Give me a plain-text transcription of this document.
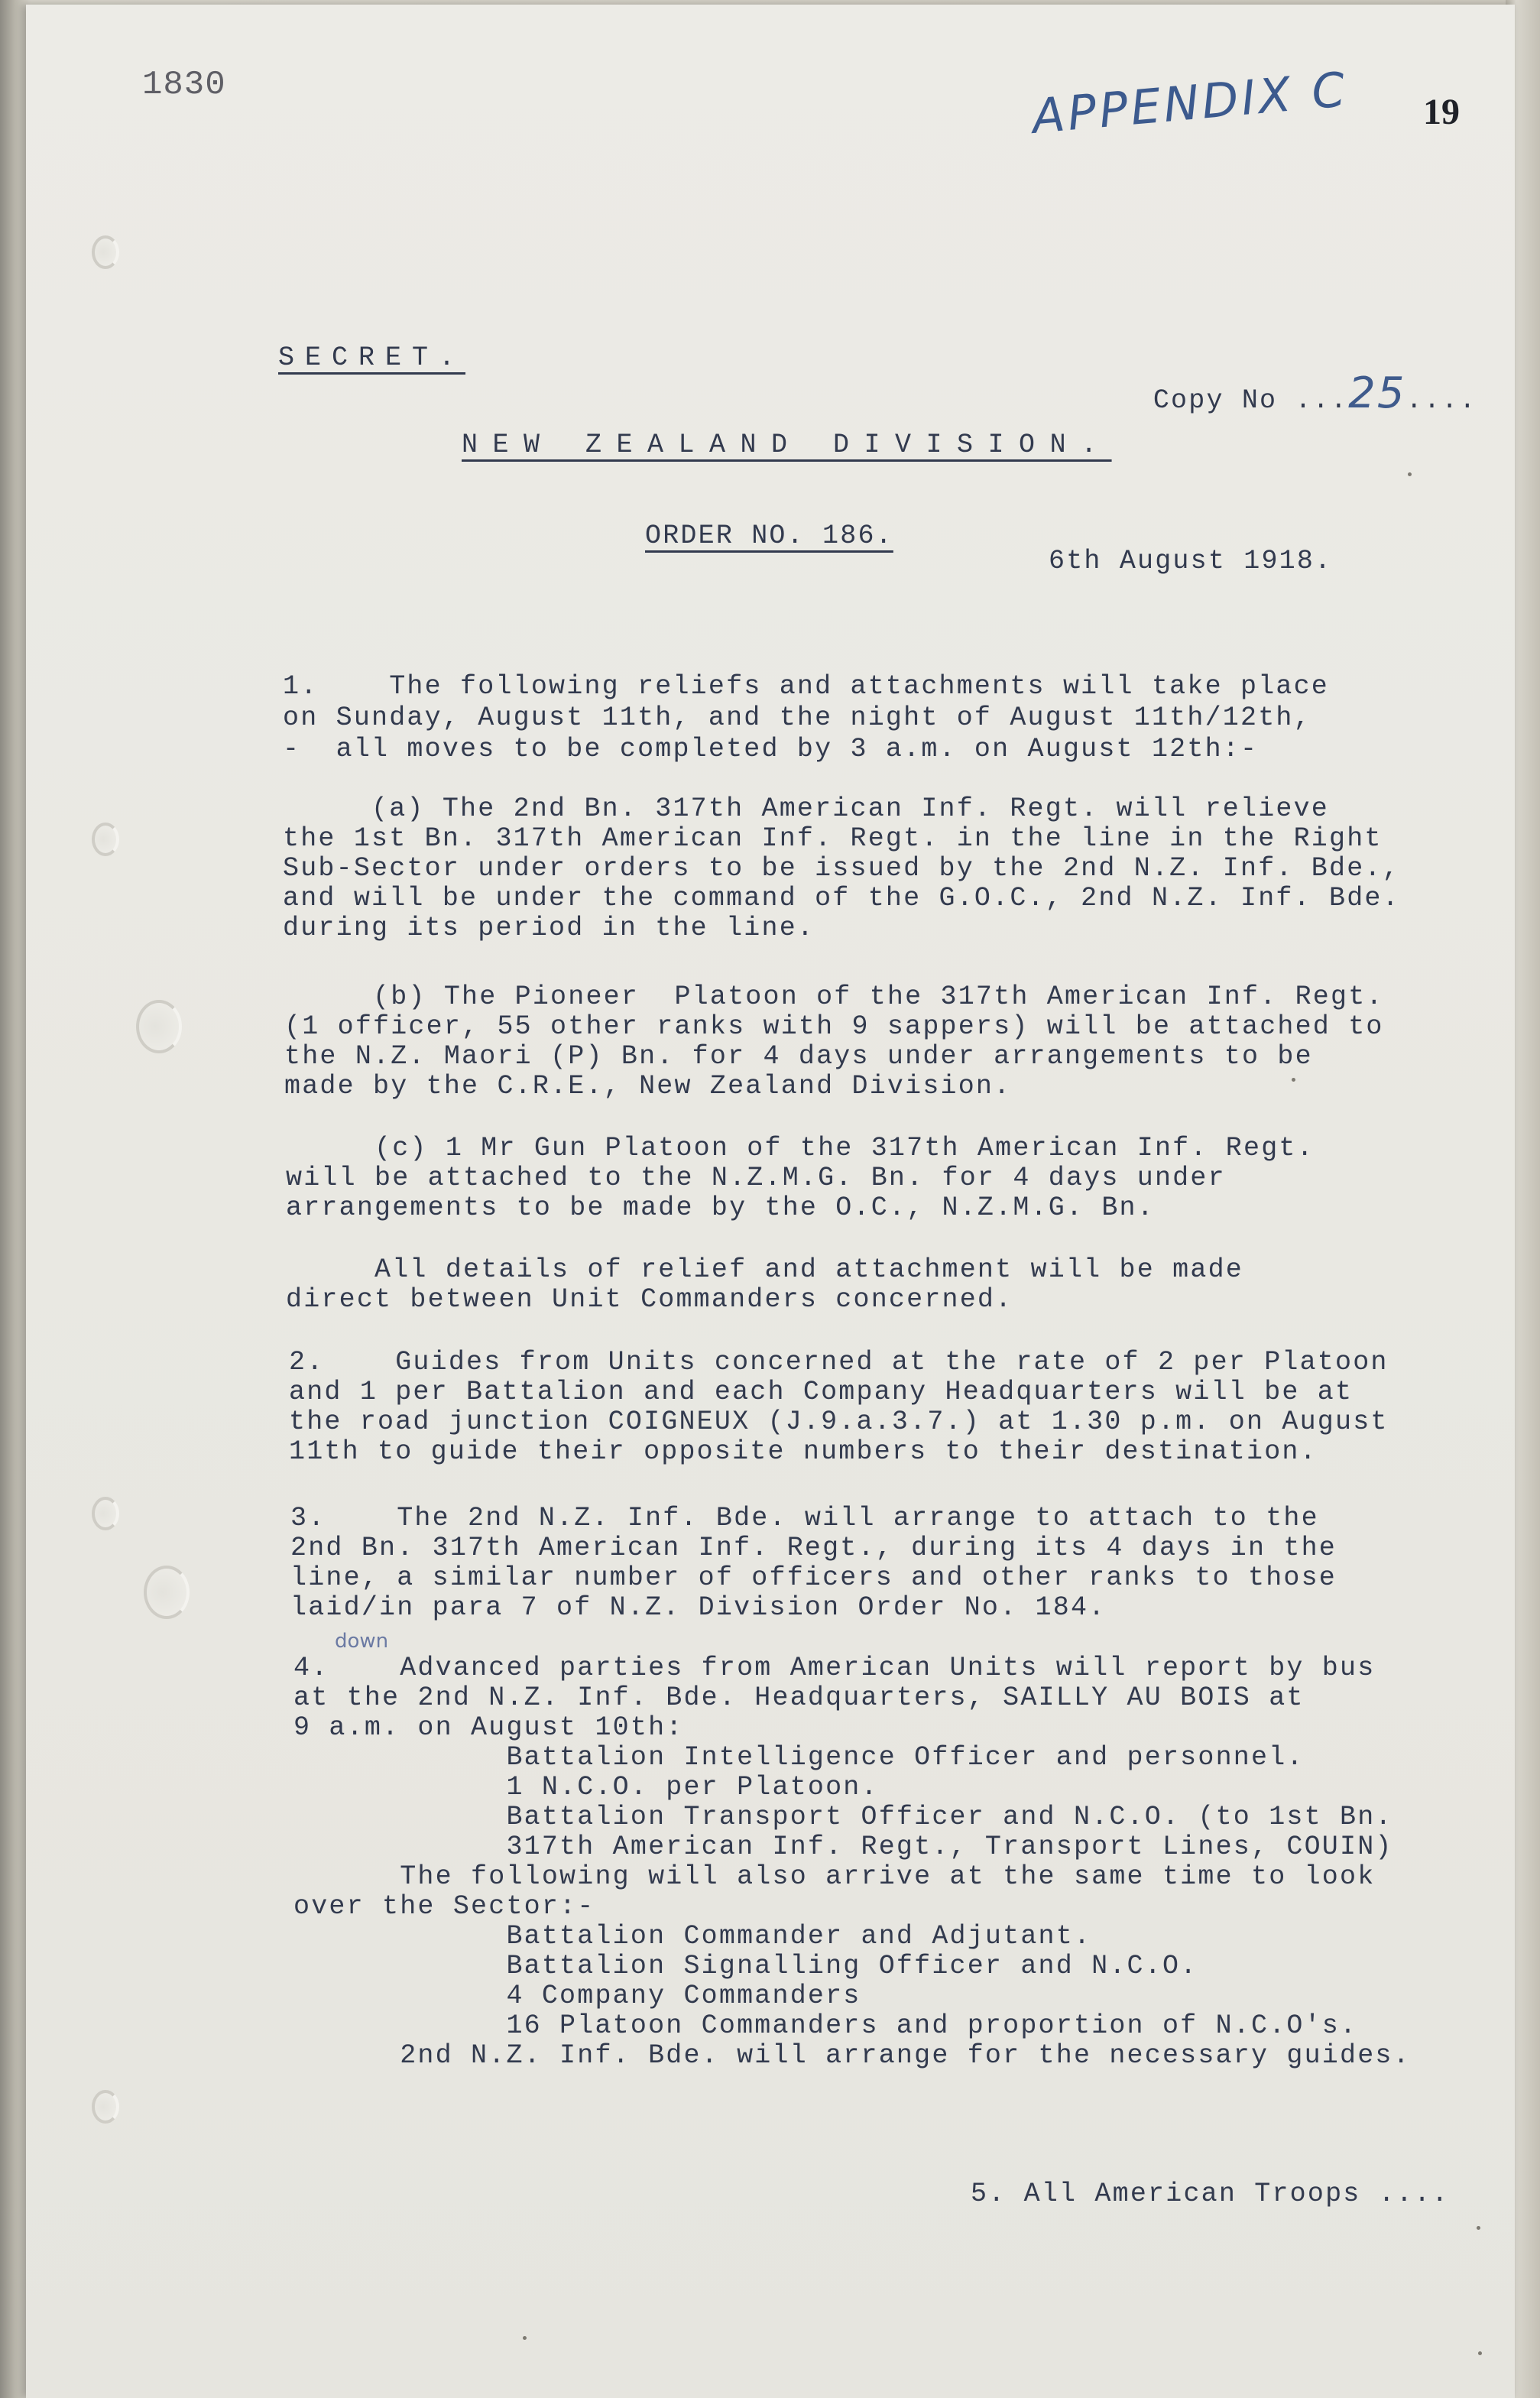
1830	APPENDIX C 19
SECRET.

Copy No ...25....

NEW ZEALAND DIVISION.
ORDER NO. 186.
6th August 1918.
1.    The following reliefs and attachments will take place
on Sunday, August 11th, and the night of August 11th/12th,
-  all moves to be completed by 3 a.m. on August 12th:-
(a) The 2nd Bn. 317th American Inf. Regt. will relieve
the 1st Bn. 317th American Inf. Regt. in the line in the Right
Sub-Sector under orders to be issued by the 2nd N.Z. Inf. Bde.,
and will be under the command of the G.O.C., 2nd N.Z. Inf. Bde.
during its period in the line.
(b) The Pioneer  Platoon of the 317th American Inf. Regt.
(1 officer, 55 other ranks with 9 sappers) will be attached to
the N.Z. Maori (P) Bn. for 4 days under arrangements to be
made by the C.R.E., New Zealand Division.
(c) 1 Mr Gun Platoon of the 317th American Inf. Regt.
will be attached to the N.Z.M.G. Bn. for 4 days under
arrangements to be made by the O.C., N.Z.M.G. Bn.
All details of relief and attachment will be made
direct between Unit Commanders concerned.
2.    Guides from Units concerned at the rate of 2 per Platoon
and 1 per Battalion and each Company Headquarters will be at
the road junction COIGNEUX (J.9.a.3.7.) at 1.30 p.m. on August
11th to guide their opposite numbers to their destination.
3.    The 2nd N.Z. Inf. Bde. will arrange to attach to the
2nd Bn. 317th American Inf. Regt., during its 4 days in the
line, a similar number of officers and other ranks to those
laid/in para 7 of N.Z. Division Order No. 184.
down
4.    Advanced parties from American Units will report by bus
at the 2nd N.Z. Inf. Bde. Headquarters, SAILLY AU BOIS at
9 a.m. on August 10th:
Battalion Intelligence Officer and personnel.
1 N.C.O. per Platoon.
Battalion Transport Officer and N.C.O. (to 1st Bn.
317th American Inf. Regt., Transport Lines, COUIN)
The following will also arrive at the same time to look
over the Sector:-
Battalion Commander and Adjutant.
Battalion Signalling Officer and N.C.O.
4 Company Commanders
16 Platoon Commanders and proportion of N.C.O's.
2nd N.Z. Inf. Bde. will arrange for the necessary guides.
5. All American Troops ....
